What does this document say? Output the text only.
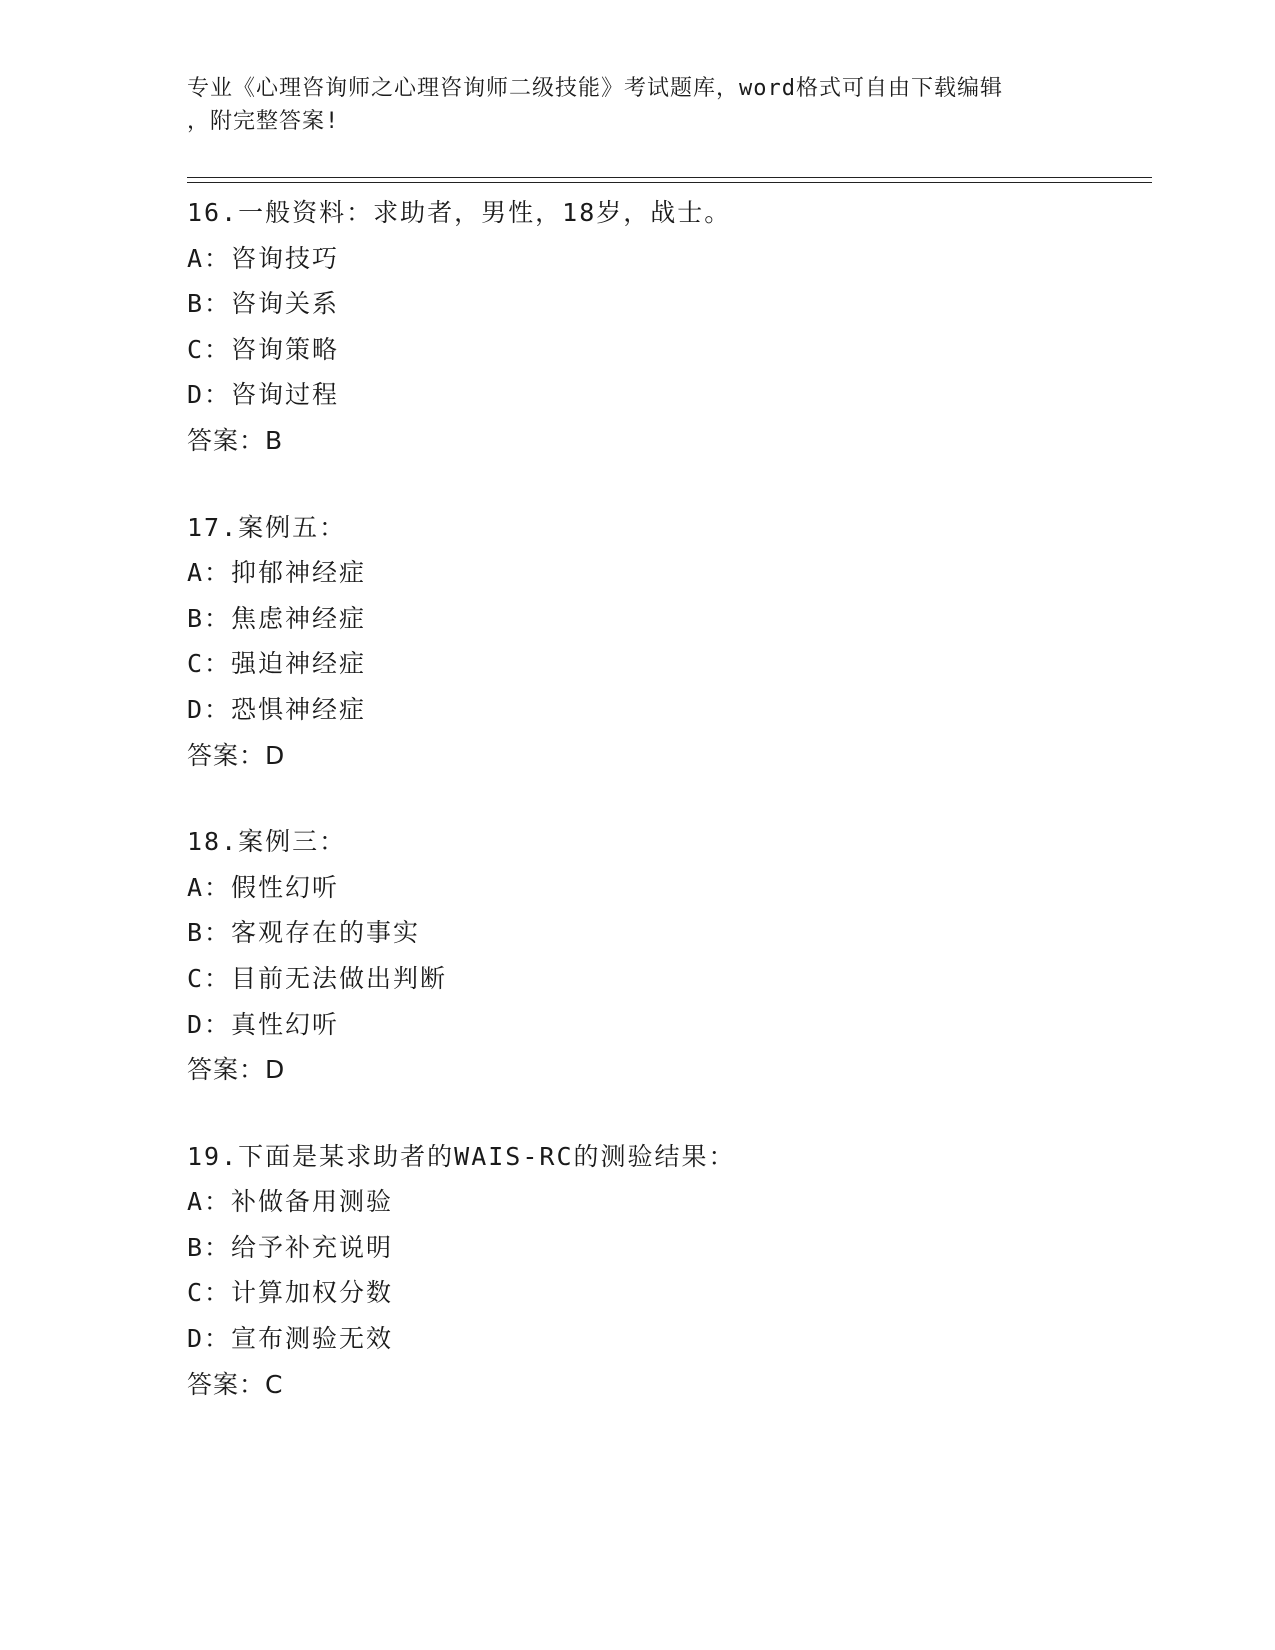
专业《心理咨询师之心理咨询师二级技能》考试题库，word格式可自由下载编辑
，附完整答案!
16.一般资料：求助者，男性，18岁，战士。
A：咨询技巧
B：咨询关系
C：咨询策略
D：咨询过程
答案：B
17.案例五：
A：抑郁神经症
B：焦虑神经症
C：强迫神经症
D：恐惧神经症
答案：D
18.案例三：
A：假性幻听
B：客观存在的事实
C：目前无法做出判断
D：真性幻听
答案：D
19.下面是某求助者的WAIS-RC的测验结果：
A：补做备用测验
B：给予补充说明
C：计算加权分数
D：宣布测验无效
答案：C
